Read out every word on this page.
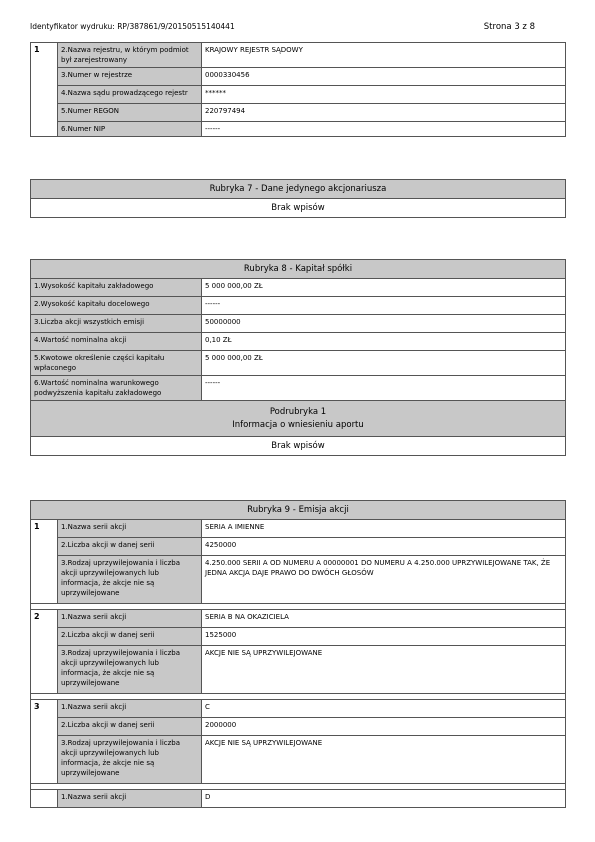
Identyfikator wydruku: RP/387861/9/20150515140441	Strona 3 z 8
1	2.Nazwa rejestru, w którym podmiot był zarejestrowany	KRAJOWY REJESTR SĄDOWY
	3.Numer w rejestrze	0000330456
	4.Nazwa sądu prowadzącego rejestr	******
	5.Numer REGON	220797494
	6.Numer NIP	------
Rubryka 7 - Dane jedynego akcjonariusza
Brak wpisów
Rubryka 8 - Kapitał spółki	
1.Wysokość kapitału zakładowego	5 000 000,00 ZŁ
2.Wysokość kapitału docelowego	------
3.Liczba akcji wszystkich emisji	50000000
4.Wartość nominalna akcji	0,10 ZŁ
5.Kwotowe określenie części kapitału wpłaconego	5 000 000,00 ZŁ
6.Wartość nominalna warunkowego podwyższenia kapitału zakładowego	------

Podrubryka 1
Informacja o wniesieniu aportu	

Brak wpisów	
Rubryka 9 - Emisja akcji		
1	1.Nazwa serii akcji	SERIA A IMIENNE
	2.Liczba akcji w danej serii	4250000
	3.Rodzaj uprzywilejowania i liczba akcji uprzywilejowanych lub informacja, że akcje nie są uprzywilejowane	4.250.000 SERII A OD NUMERU A 00000001 DO NUMERU A 4.250.000 UPRZYWILEJOWANE TAK, ŻE JEDNA AKCJA DAJE PRAWO DO DWÓCH GŁOSÓW

2	1.Nazwa serii akcji	SERIA B NA OKAZICIELA
	2.Liczba akcji w danej serii	1525000
	3.Rodzaj uprzywilejowania i liczba akcji uprzywilejowanych lub informacja, że akcje nie są uprzywilejowane	AKCJE NIE SĄ UPRZYWILEJOWANE

3	1.Nazwa serii akcji	C
	2.Liczba akcji w danej serii	2000000
	3.Rodzaj uprzywilejowania i liczba akcji uprzywilejowanych lub informacja, że akcje nie są uprzywilejowane	AKCJE NIE SĄ UPRZYWILEJOWANE

	1.Nazwa serii akcji	D
